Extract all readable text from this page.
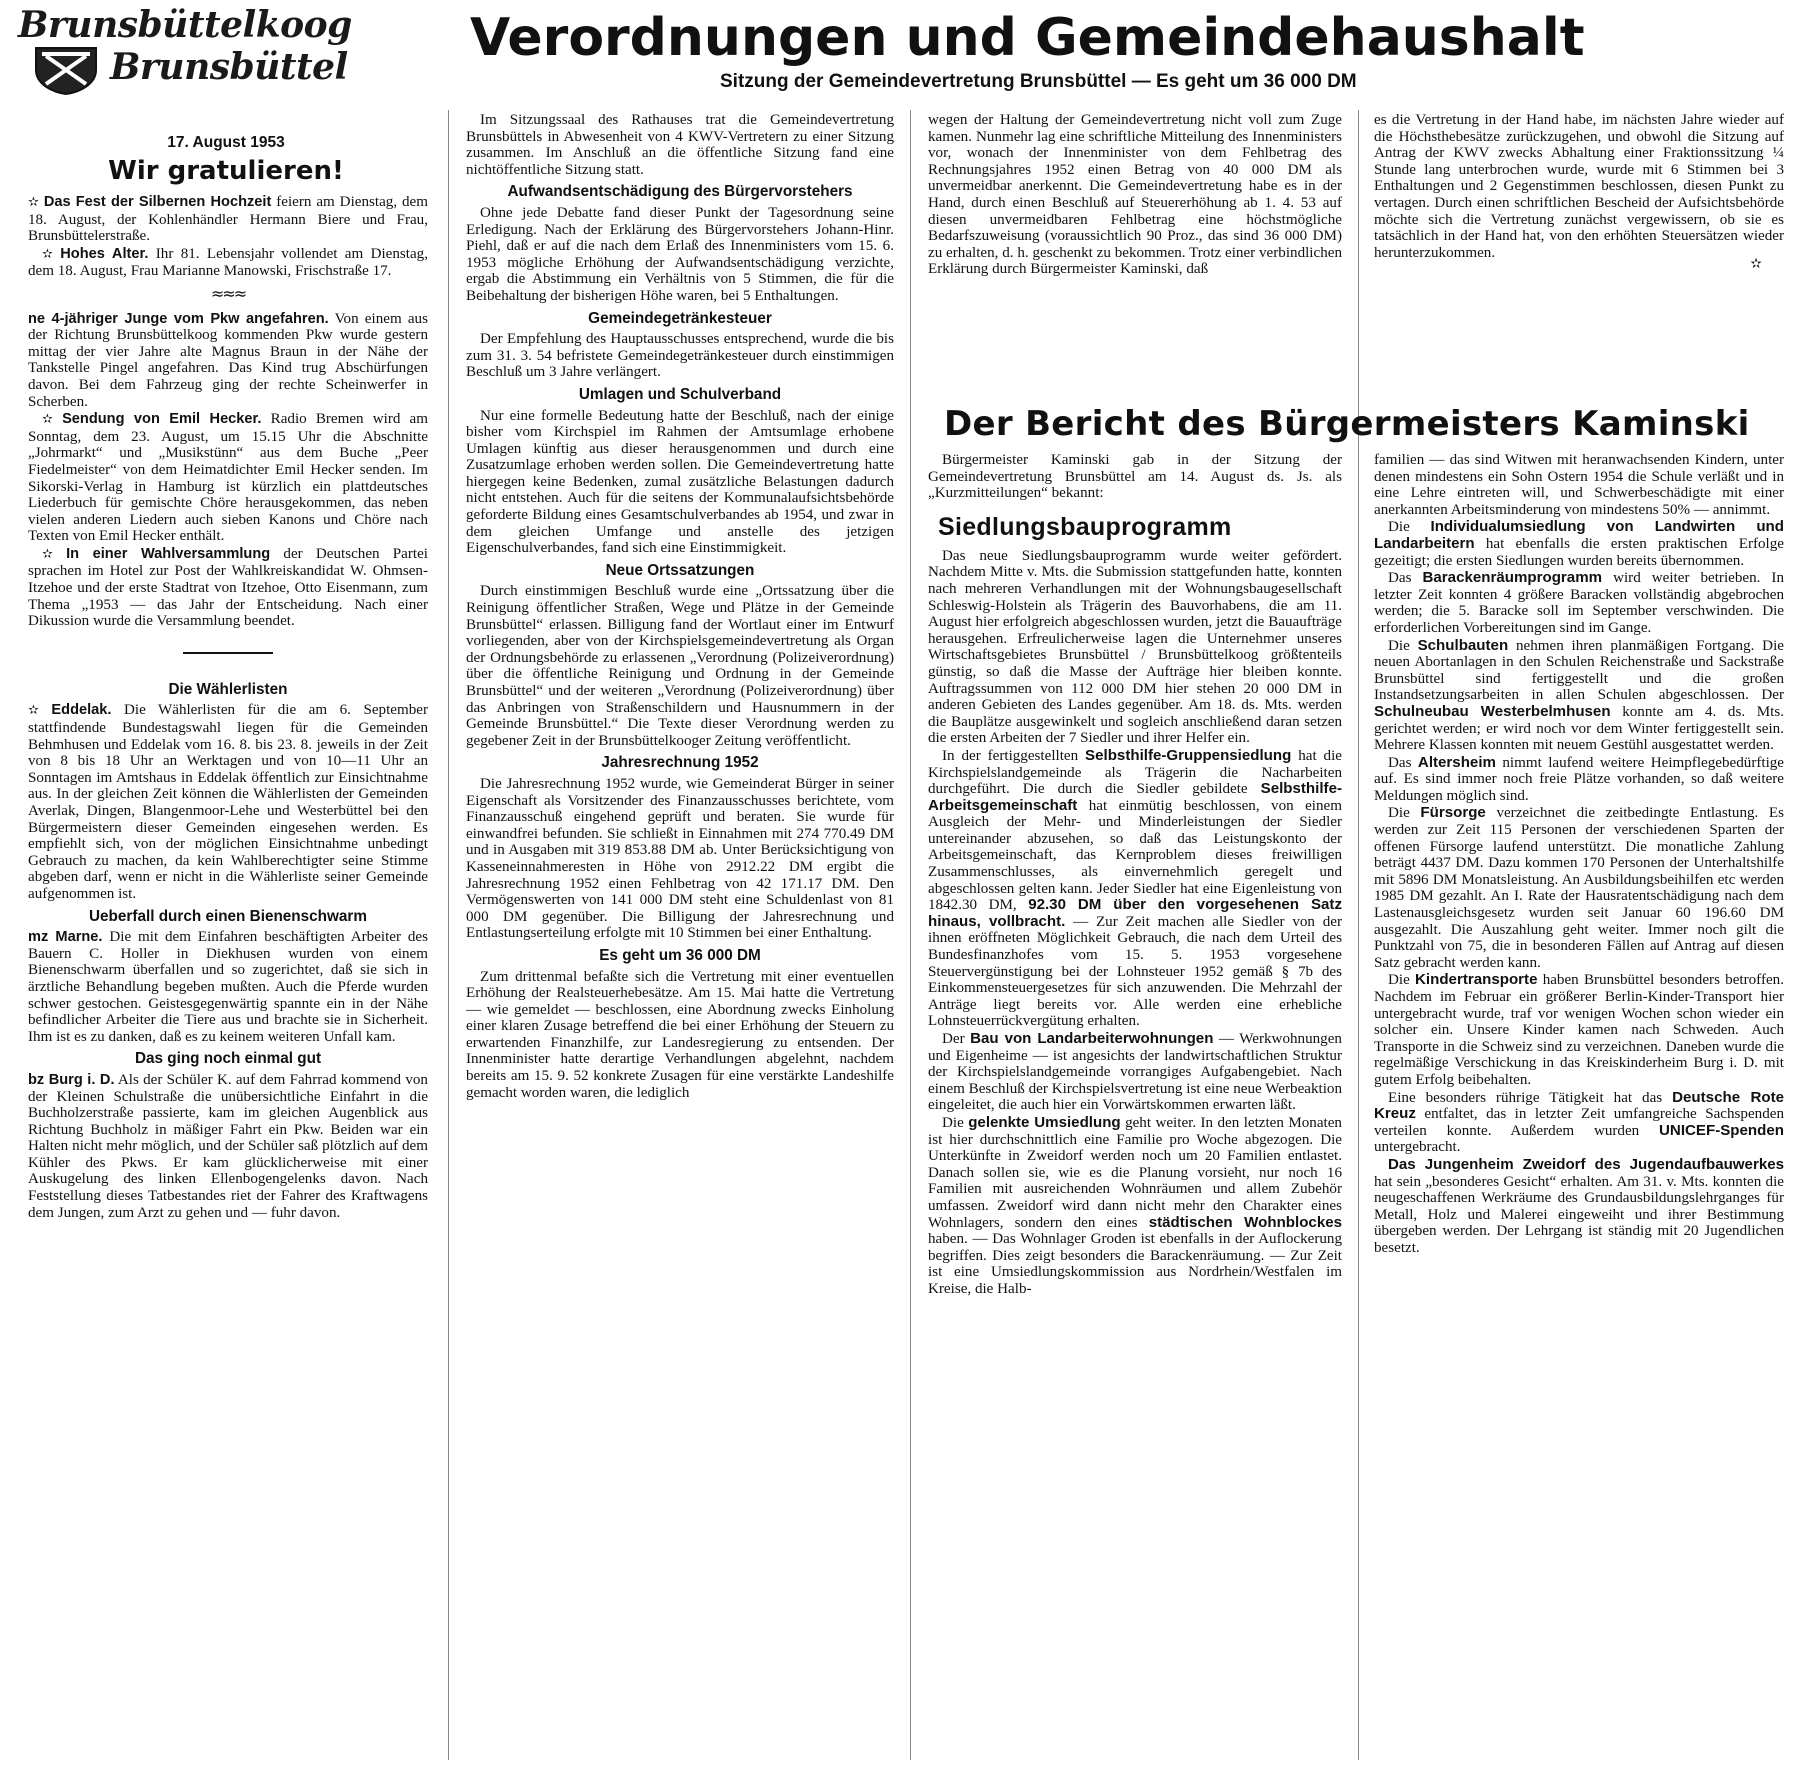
Brunsbüttelkoog
Brunsbüttel	Verordnungen und Gemeindehaushalt
Sitzung der Gemeindevertretung Brunsbüttel — Es geht um 36 000 DM
17. August 1953
Wir gratulieren!

✫ Das Fest der Silbernen Hochzeit feiern am Dienstag, dem 18. August, der Kohlenhändler Hermann Biere und Frau, Brunsbüttelerstraße.

✫ Hohes Alter. Ihr 81. Lebensjahr vollendet am Dienstag, dem 18. August, Frau Marianne Manowski, Frischstraße 17.

≈≈≈

ne 4-jähriger Junge vom Pkw angefahren. Von einem aus der Richtung Brunsbüttelkoog kommenden Pkw wurde gestern mittag der vier Jahre alte Magnus Braun in der Nähe der Tankstelle Pingel angefahren. Das Kind trug Abschürfungen davon. Bei dem Fahrzeug ging der rechte Scheinwerfer in Scherben.

✫ Sendung von Emil Hecker. Radio Bremen wird am Sonntag, dem 23. August, um 15.15 Uhr die Abschnitte „Johrmarkt“ und „Musikstünn“ aus dem Buche „Peer Fiedelmeister“ von dem Heimatdichter Emil Hecker senden. Im Sikorski-Verlag in Hamburg ist kürzlich ein plattdeutsches Liederbuch für gemischte Chöre herausgekommen, das neben vielen anderen Liedern auch sieben Kanons und Chöre nach Texten von Emil Hecker enthält.

✫ In einer Wahlversammlung der Deutschen Partei sprachen im Hotel zur Post der Wahlkreiskandidat W. Ohmsen-Itzehoe und der erste Stadtrat von Itzehoe, Otto Eisenmann, zum Thema „1953 — das Jahr der Entscheidung. Nach einer Dikussion wurde die Versammlung beendet.

Die Wählerlisten

✫ Eddelak. Die Wählerlisten für die am 6. September stattfindende Bundestagswahl liegen für die Gemeinden Behmhusen und Eddelak vom 16. 8. bis 23. 8. jeweils in der Zeit von 8 bis 18 Uhr an Werktagen und von 10—11 Uhr an Sonntagen im Amtshaus in Eddelak öffentlich zur Einsichtnahme aus. In der gleichen Zeit können die Wählerlisten der Gemeinden Averlak, Dingen, Blangenmoor-Lehe und Westerbüttel bei den Bürgermeistern dieser Gemeinden eingesehen werden. Es empfiehlt sich, von der möglichen Einsichtnahme unbedingt Gebrauch zu machen, da kein Wahlberechtigter seine Stimme abgeben darf, wenn er nicht in die Wählerliste seiner Gemeinde aufgenommen ist.

Ueberfall durch einen Bienenschwarm

mz Marne. Die mit dem Einfahren beschäftigten Arbeiter des Bauern C. Holler in Diekhusen wurden von einem Bienenschwarm überfallen und so zugerichtet, daß sie sich in ärztliche Behandlung begeben mußten. Auch die Pferde wurden schwer gestochen. Geistesgegenwärtig spannte ein in der Nähe befindlicher Arbeiter die Tiere aus und brachte sie in Sicherheit. Ihm ist es zu danken, daß es zu keinem weiteren Unfall kam.

Das ging noch einmal gut

bz Burg i. D. Als der Schüler K. auf dem Fahrrad kommend von der Kleinen Schulstraße die unübersichtliche Einfahrt in die Buchholzerstraße passierte, kam im gleichen Augenblick aus Richtung Buchholz in mäßiger Fahrt ein Pkw. Beiden war ein Halten nicht mehr möglich, und der Schüler saß plötzlich auf dem Kühler des Pkws. Er kam glücklicherweise mit einer Auskugelung des linken Ellenbogengelenks davon. Nach Feststellung dieses Tatbestandes riet der Fahrer des Kraftwagens dem Jungen, zum Arzt zu gehen und — fuhr davon.

Im Sitzungssaal des Rathauses trat die Gemeindevertretung Brunsbüttels in Abwesenheit von 4 KWV-Vertretern zu einer Sitzung zusammen. Im Anschluß an die öffentliche Sitzung fand eine nichtöffentliche Sitzung statt.

Aufwandsentschädigung des Bürgervorstehers

Ohne jede Debatte fand dieser Punkt der Tagesordnung seine Erledigung. Nach der Erklärung des Bürgervorstehers Johann-Hinr. Piehl, daß er auf die nach dem Erlaß des Innenministers vom 15. 6. 1953 mögliche Erhöhung der Aufwandsentschädigung verzichte, ergab die Abstimmung ein Verhältnis von 5 Stimmen, die für die Beibehaltung der bisherigen Höhe waren, bei 5 Enthaltungen.

Gemeindegetränkesteuer

Der Empfehlung des Hauptausschusses entsprechend, wurde die bis zum 31. 3. 54 befristete Gemeindegetränkesteuer durch einstimmigen Beschluß um 3 Jahre verlängert.

Umlagen und Schulverband

Nur eine formelle Bedeutung hatte der Beschluß, nach der einige bisher vom Kirchspiel im Rahmen der Amtsumlage erhobene Umlagen künftig aus dieser herausgenommen und durch eine Zusatzumlage erhoben werden sollen. Die Gemeindevertretung hatte hiergegen keine Bedenken, zumal zusätzliche Belastungen dadurch nicht entstehen. Auch für die seitens der Kommunalaufsichtsbehörde geforderte Bildung eines Gesamtschulverbandes ab 1954, und zwar in dem gleichen Umfange und anstelle des jetzigen Eigenschulverbandes, fand sich eine Einstimmigkeit.

Neue Ortssatzungen

Durch einstimmigen Beschluß wurde eine „Ortssatzung über die Reinigung öffentlicher Straßen, Wege und Plätze in der Gemeinde Brunsbüttel“ erlassen. Billigung fand der Wortlaut einer im Entwurf vorliegenden, aber von der Kirchspielsgemeindevertretung als Organ der Ordnungsbehörde zu erlassenen „Verordnung (Polizeiverordnung) über die öffentliche Reinigung und Ordnung in der Gemeinde Brunsbüttel“ und der weiteren „Verordnung (Polizeiverordnung) über das Anbringen von Straßenschildern und Hausnummern in der Gemeinde Brunsbüttel.“ Die Texte dieser Verordnung werden zu gegebener Zeit in der Brunsbüttelkooger Zeitung veröffentlicht.

Jahresrechnung 1952

Die Jahresrechnung 1952 wurde, wie Gemeinderat Bürger in seiner Eigenschaft als Vorsitzender des Finanzausschusses berichtete, vom Finanzausschuß eingehend geprüft und beraten. Sie wurde für einwandfrei befunden. Sie schließt in Einnahmen mit 274 770.49 DM und in Ausgaben mit 319 853.88 DM ab. Unter Berücksichtigung von Kasseneinnahmeresten in Höhe von 2912.22 DM ergibt die Jahresrechnung 1952 einen Fehlbetrag von 42 171.17 DM. Den Vermögenswerten von 141 000 DM steht eine Schuldenlast von 81 000 DM gegenüber. Die Billigung der Jahresrechnung und Entlastungserteilung erfolgte mit 10 Stimmen bei einer Enthaltung.

Es geht um 36 000 DM

Zum drittenmal befaßte sich die Vertretung mit einer eventuellen Erhöhung der Realsteuerhebesätze. Am 15. Mai hatte die Vertretung — wie gemeldet — beschlossen, eine Abordnung zwecks Einholung einer klaren Zusage betreffend die bei einer Erhöhung der Steuern zu erwartenden Finanzhilfe, zur Landesregierung zu entsenden. Der Innenminister hatte derartige Verhandlungen abgelehnt, nachdem bereits am 15. 9. 52 konkrete Zusagen für eine verstärkte Landeshilfe gemacht worden waren, die lediglich

wegen der Haltung der Gemeindevertretung nicht voll zum Zuge kamen. Nunmehr lag eine schriftliche Mitteilung des Innenministers vor, wonach der Innenminister von dem Fehlbetrag des Rechnungsjahres 1952 einen Betrag von 40 000 DM als unvermeidbar anerkennt. Die Gemeindevertretung habe es in der Hand, durch einen Beschluß auf Steuererhöhung ab 1. 4. 53 auf diesen unvermeidbaren Fehlbetrag eine höchstmögliche Bedarfszuweisung (voraussichtlich 90 Proz., das sind 36 000 DM) zu erhalten, d. h. geschenkt zu bekommen. Trotz einer verbindlichen Erklärung durch Bürgermeister Kaminski, daß

es die Vertretung in der Hand habe, im nächsten Jahre wieder auf die Höchsthebesätze zurückzugehen, und obwohl die Sitzung auf Antrag der KWV zwecks Abhaltung einer Fraktionssitzung ¼ Stunde lang unterbrochen wurde, wurde mit 6 Stimmen bei 3 Enthaltungen und 2 Gegenstimmen beschlossen, diesen Punkt zu vertagen. Durch einen schriftlichen Bescheid der Aufsichtsbehörde möchte sich die Vertretung zunächst vergewissern, ob sie es tatsächlich in der Hand hat, von den erhöhten Steuersätzen wieder herunterzukommen.

✫
Der Bericht des Bürgermeisters Kaminski

Bürgermeister Kaminski gab in der Sitzung der Gemeindevertretung Brunsbüttel am 14. August ds. Js. als „Kurzmitteilungen“ bekannt:

Siedlungsbauprogramm

Das neue Siedlungsbauprogramm wurde weiter gefördert. Nachdem Mitte v. Mts. die Submission stattgefunden hatte, konnten nach mehreren Verhandlungen mit der Wohnungsbaugesellschaft Schleswig-Holstein als Trägerin des Bauvorhabens, die am 11. August hier erfolgreich abgeschlossen wurden, jetzt die Bauaufträge herausgehen. Erfreulicherweise lagen die Unternehmer unseres Wirtschaftsgebietes Brunsbüttel / Brunsbüttelkoog größtenteils günstig, so daß die Masse der Aufträge hier bleiben konnte. Auftragssummen von 112 000 DM hier stehen 20 000 DM in anderen Gebieten des Landes gegenüber. Am 18. ds. Mts. werden die Bauplätze ausgewinkelt und sogleich anschließend daran setzen die ersten Arbeiten der 7 Siedler und ihrer Helfer ein.

In der fertiggestellten Selbsthilfe-Gruppensiedlung hat die Kirchspielslandgemeinde als Trägerin die Nacharbeiten durchgeführt. Die durch die Siedler gebildete Selbsthilfe-Arbeitsgemeinschaft hat einmütig beschlossen, von einem Ausgleich der Mehr- und Minderleistungen der Siedler untereinander abzusehen, so daß das Leistungskonto der Arbeitsgemeinschaft, das Kernproblem dieses freiwilligen Zusammenschlusses, als einvernehmlich geregelt und abgeschlossen gelten kann. Jeder Siedler hat eine Eigenleistung von 1842.30 DM, 92.30 DM über den vorgesehenen Satz hinaus, vollbracht. — Zur Zeit machen alle Siedler von der ihnen eröffneten Möglichkeit Gebrauch, die nach dem Urteil des Bundesfinanzhofes vom 15. 5. 1953 vorgesehene Steuervergünstigung bei der Lohnsteuer 1952 gemäß § 7b des Einkommensteuergesetzes für sich anzuwenden. Die Mehrzahl der Anträge liegt bereits vor. Alle werden eine erhebliche Lohnsteuerrückvergütung erhalten.

Der Bau von Landarbeiterwohnungen — Werkwohnungen und Eigenheime — ist angesichts der landwirtschaftlichen Struktur der Kirchspielslandgemeinde vorrangiges Aufgabengebiet. Nach einem Beschluß der Kirchspielsvertretung ist eine neue Werbeaktion eingeleitet, die auch hier ein Vorwärtskommen erwarten läßt.

Die gelenkte Umsiedlung geht weiter. In den letzten Monaten ist hier durchschnittlich eine Familie pro Woche abgezogen. Die Unterkünfte in Zweidorf werden noch um 20 Familien entlastet. Danach sollen sie, wie es die Planung vorsieht, nur noch 16 Familien mit ausreichenden Wohnräumen und allem Zubehör umfassen. Zweidorf wird dann nicht mehr den Charakter eines Wohnlagers, sondern den eines städtischen Wohnblockes haben. — Das Wohnlager Groden ist ebenfalls in der Auflockerung begriffen. Dies zeigt besonders die Barackenräumung. — Zur Zeit ist eine Umsiedlungskommission aus Nordrhein/Westfalen im Kreise, die Halb-

familien — das sind Witwen mit heranwachsenden Kindern, unter denen mindestens ein Sohn Ostern 1954 die Schule verläßt und in eine Lehre eintreten will, und Schwerbeschädigte mit einer anerkannten Arbeitsminderung von mindestens 50% — annimmt.

Die Individualumsiedlung von Landwirten und Landarbeitern hat ebenfalls die ersten praktischen Erfolge gezeitigt; die ersten Siedlungen wurden bereits übernommen.

Das Barackenräumprogramm wird weiter betrieben. In letzter Zeit konnten 4 größere Baracken vollständig abgebrochen werden; die 5. Baracke soll im September verschwinden. Die erforderlichen Vorbereitungen sind im Gange.

Die Schulbauten nehmen ihren planmäßigen Fortgang. Die neuen Abortanlagen in den Schulen Reichenstraße und Sackstraße Brunsbüttel sind fertiggestellt und die großen Instandsetzungsarbeiten in allen Schulen abgeschlossen. Der Schulneubau Westerbelmhusen konnte am 4. ds. Mts. gerichtet werden; er wird noch vor dem Winter fertiggestellt sein. Mehrere Klassen konnten mit neuem Gestühl ausgestattet werden.

Das Altersheim nimmt laufend weitere Heimpflegebedürftige auf. Es sind immer noch freie Plätze vorhanden, so daß weitere Meldungen möglich sind.

Die Fürsorge verzeichnet die zeitbedingte Entlastung. Es werden zur Zeit 115 Personen der verschiedenen Sparten der offenen Fürsorge laufend unterstützt. Die monatliche Zahlung beträgt 4437 DM. Dazu kommen 170 Personen der Unterhaltshilfe mit 5896 DM Monatsleistung. An Ausbildungsbeihilfen etc werden 1985 DM gezahlt. An I. Rate der Hausratentschädigung nach dem Lastenausgleichsgesetz wurden seit Januar 60 196.60 DM ausgezahlt. Die Auszahlung geht weiter. Immer noch gilt die Punktzahl von 75, die in besonderen Fällen auf Antrag auf diesen Satz gebracht werden kann.

Die Kindertransporte haben Brunsbüttel besonders betroffen. Nachdem im Februar ein größerer Berlin-Kinder-Transport hier untergebracht wurde, traf vor wenigen Wochen schon wieder ein solcher ein. Unsere Kinder kamen nach Schweden. Auch Transporte in die Schweiz sind zu verzeichnen. Daneben wurde die regelmäßige Verschickung in das Kreiskinderheim Burg i. D. mit gutem Erfolg beibehalten.

Eine besonders rührige Tätigkeit hat das Deutsche Rote Kreuz entfaltet, das in letzter Zeit umfangreiche Sachspenden verteilen konnte. Außerdem wurden UNICEF-Spenden untergebracht.

Das Jungenheim Zweidorf des Jugendaufbauwerkes hat sein „besonderes Gesicht“ erhalten. Am 31. v. Mts. konnten die neugeschaffenen Werkräume des Grundausbildungslehrganges für Metall, Holz und Malerei eingeweiht und ihrer Bestimmung übergeben werden. Der Lehrgang ist ständig mit 20 Jugendlichen besetzt.
